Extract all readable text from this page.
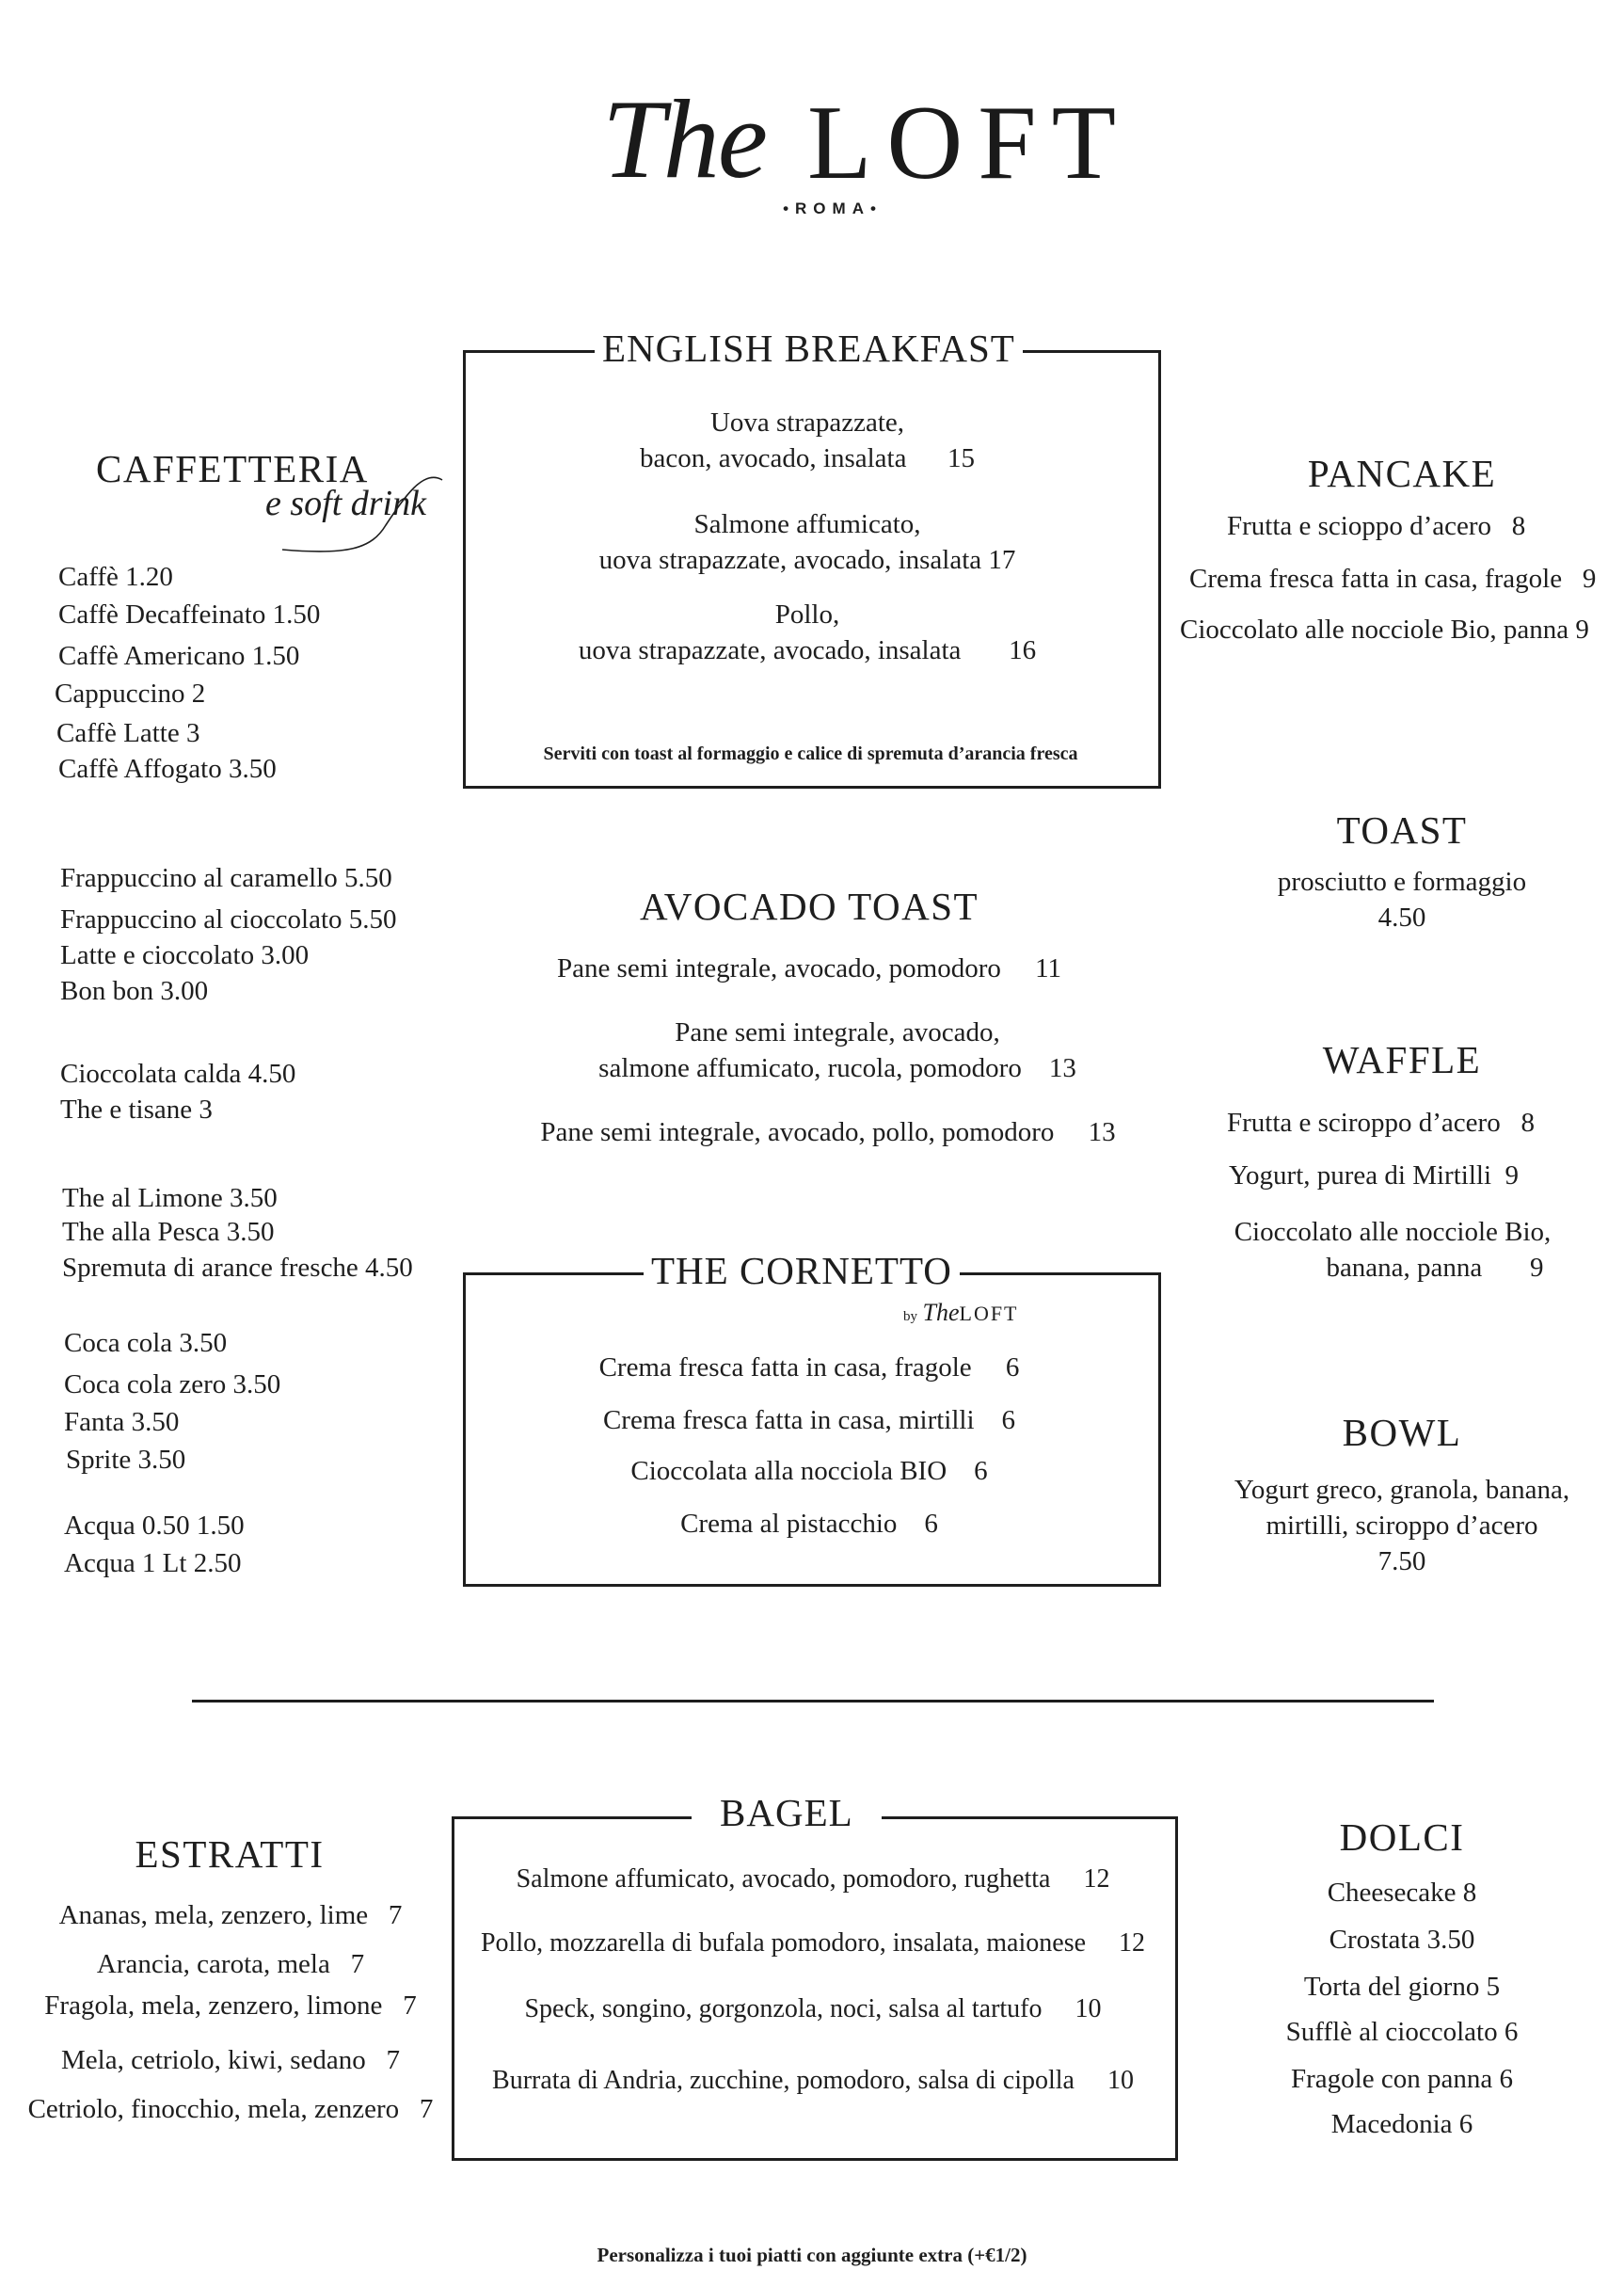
The LOFT
•ROMA•
CAFFETTERIA
e soft drink
Caffè 1.20
Caffè Decaffeinato 1.50
Caffè Americano 1.50
Cappuccino 2
Caffè Latte 3
Caffè Affogato 3.50
Frappuccino al caramello 5.50
Frappuccino al cioccolato 5.50
Latte e cioccolato 3.00
Bon bon 3.00
Cioccolata calda 4.50
The e tisane 3
The al Limone 3.50
The alla Pesca 3.50
Spremuta di arance fresche 4.50
Coca cola 3.50
Coca cola zero 3.50
Fanta 3.50
Sprite 3.50
Acqua 0.50 1.50
Acqua 1 Lt 2.50
ENGLISH BREAKFAST
Uova strapazzate,
bacon, avocado, insalata 15
Salmone affumicato,
uova strapazzate, avocado, insalata 17
Pollo,
uova strapazzate, avocado, insalata 16
Serviti con toast al formaggio e calice di spremuta d’arancia fresca
AVOCADO TOAST
Pane semi integrale, avocado, pomodoro 11
Pane semi integrale, avocado,
salmone affumicato, rucola, pomodoro 13
Pane semi integrale, avocado, pollo, pomodoro 13
THE CORNETTO
by TheLOFT
Crema fresca fatta in casa, fragole 6
Crema fresca fatta in casa, mirtilli 6
Cioccolata alla nocciola BIO 6
Crema al pistacchio 6
PANCAKE
Frutta e scioppo d’acero 8
Crema fresca fatta in casa, fragole 9
Cioccolato alle nocciole Bio, panna 9
TOAST
prosciutto e formaggio
4.50
WAFFLE
Frutta e sciroppo d’acero 8
Yogurt, purea di Mirtilli 9
Cioccolato alle nocciole Bio,
banana, panna 9
BOWL
Yogurt greco, granola, banana,
mirtilli, sciroppo d’acero
7.50
ESTRATTI
Ananas, mela, zenzero, lime 7
Arancia, carota, mela 7
Fragola, mela, zenzero, limone 7
Mela, cetriolo, kiwi, sedano 7
Cetriolo, finocchio, mela, zenzero 7
BAGEL
Salmone affumicato, avocado, pomodoro, rughetta 12
Pollo, mozzarella di bufala pomodoro, insalata, maionese 12
Speck, songino, gorgonzola, noci, salsa al tartufo 10
Burrata di Andria, zucchine, pomodoro, salsa di cipolla 10
DOLCI
Cheesecake 8
Crostata 3.50
Torta del giorno 5
Sufflè al cioccolato 6
Fragole con panna 6
Macedonia 6
Personalizza i tuoi piatti con aggiunte extra (+€1/2)
